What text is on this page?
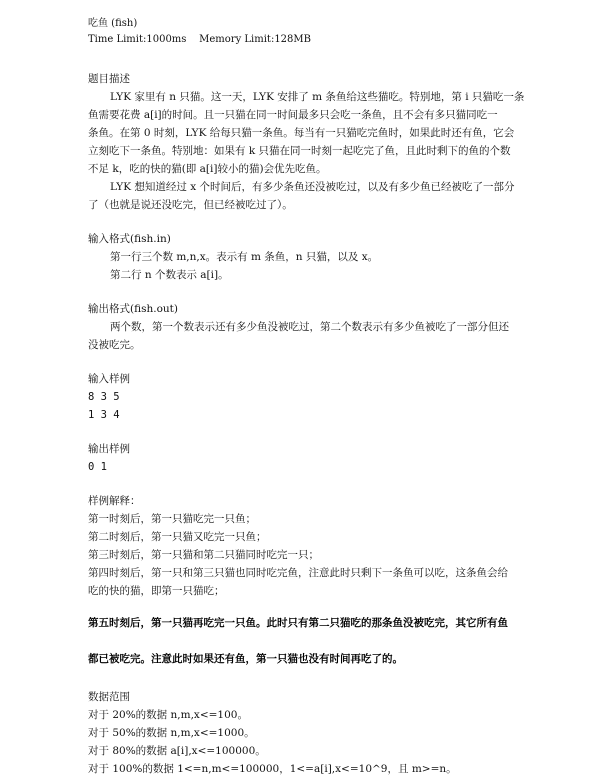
吃鱼 (fish)
Time Limit:1000ms Memory Limit:128MB
题目描述
LYK 家里有 n 只猫。这一天，LYK 安排了 m 条鱼给这些猫吃。特别地，第 i 只猫吃一条
鱼需要花费 a[i]的时间。且一只猫在同一时间最多只会吃一条鱼，且不会有多只猫同吃一
条鱼。在第 0 时刻，LYK 给每只猫一条鱼。每当有一只猫吃完鱼时，如果此时还有鱼，它会
立刻吃下一条鱼。特别地：如果有 k 只猫在同一时刻一起吃完了鱼，且此时剩下的鱼的个数
不足 k，吃的快的猫(即 a[i]较小的猫)会优先吃鱼。
LYK 想知道经过 x 个时间后，有多少条鱼还没被吃过，以及有多少鱼已经被吃了一部分
了（也就是说还没吃完，但已经被吃过了）。
输入格式(fish.in)
第一行三个数 m,n,x。表示有 m 条鱼，n 只猫，以及 x。
第二行 n 个数表示 a[i]。
输出格式(fish.out)
两个数，第一个数表示还有多少鱼没被吃过，第二个数表示有多少鱼被吃了一部分但还
没被吃完。
输入样例
8 3 5
1 3 4
输出样例
0 1
样例解释：
第一时刻后，第一只猫吃完一只鱼；
第二时刻后，第一只猫又吃完一只鱼；
第三时刻后，第一只猫和第二只猫同时吃完一只；
第四时刻后，第一只和第三只猫也同时吃完鱼，注意此时只剩下一条鱼可以吃，这条鱼会给
吃的快的猫，即第一只猫吃；
第五时刻后，第一只猫再吃完一只鱼。此时只有第二只猫吃的那条鱼没被吃完，其它所有鱼
都已被吃完。注意此时如果还有鱼，第一只猫也没有时间再吃了的。
数据范围
对于 20%的数据 n,m,x<=100。
对于 50%的数据 n,m,x<=1000。
对于 80%的数据 a[i],x<=100000。
对于 100%的数据 1<=n,m<=100000，1<=a[i],x<=10^9，且 m>=n。
